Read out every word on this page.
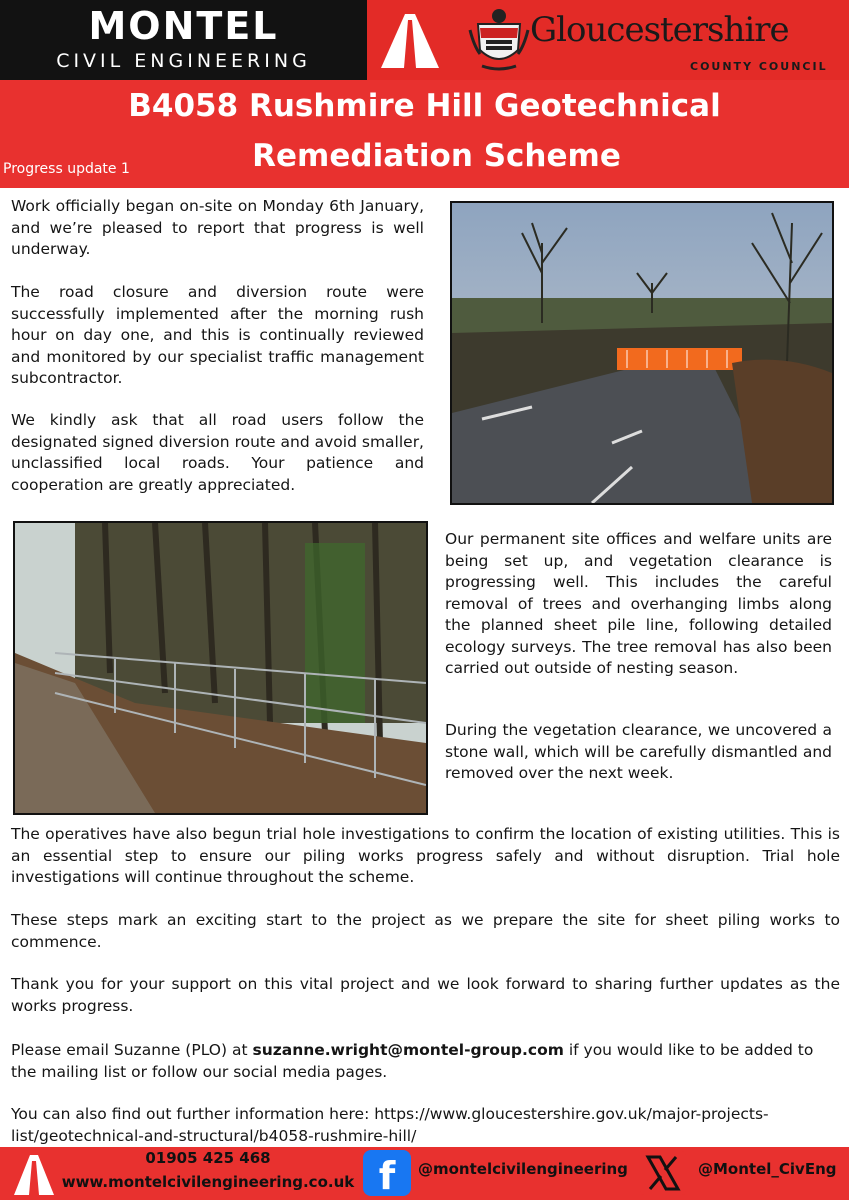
MONTEL
CIVIL ENGINEERING
Gloucestershire
COUNTY COUNCIL
B4058 Rushmire Hill Geotechnical
Remediation Scheme
Progress update 1

Work officially began on-site on Monday 6th January, and we’re pleased to report that progress is well underway.

The road closure and diversion route were successfully implemented after the morning rush hour on day one, and this is continually reviewed and monitored by our specialist traffic management subcontractor.

We kindly ask that all road users follow the designated signed diversion route and avoid smaller, unclassified local roads. Your patience and cooperation are greatly appreciated.

Our permanent site offices and welfare units are being set up, and vegetation clearance is progressing well. This includes the careful removal of trees and overhanging limbs along the planned sheet pile line, following detailed ecology surveys. The tree removal has also been carried out outside of nesting season.

During the vegetation clearance, we uncovered a stone wall, which will be carefully dismantled and removed over the next week.

The operatives have also begun trial hole investigations to confirm the location of existing utilities. This is an essential step to ensure our piling works progress safely and without disruption. Trial hole investigations will continue throughout the scheme.

These steps mark an exciting start to the project as we prepare the site for sheet piling works to commence.

Thank you for your support on this vital project and we look forward to sharing further updates as the works progress.

Please email Suzanne (PLO) at suzanne.wright@montel-group.com if you would like to be added to the mailing list or follow our social media pages.

You can also find out further information here: https://www.gloucestershire.gov.uk/major-projects-list/geotechnical-and-structural/b4058-rushmire-hill/

01905 425 468
www.montelcivilengineering.co.uk f	@montelcivilengineering	@Montel_CivEng
